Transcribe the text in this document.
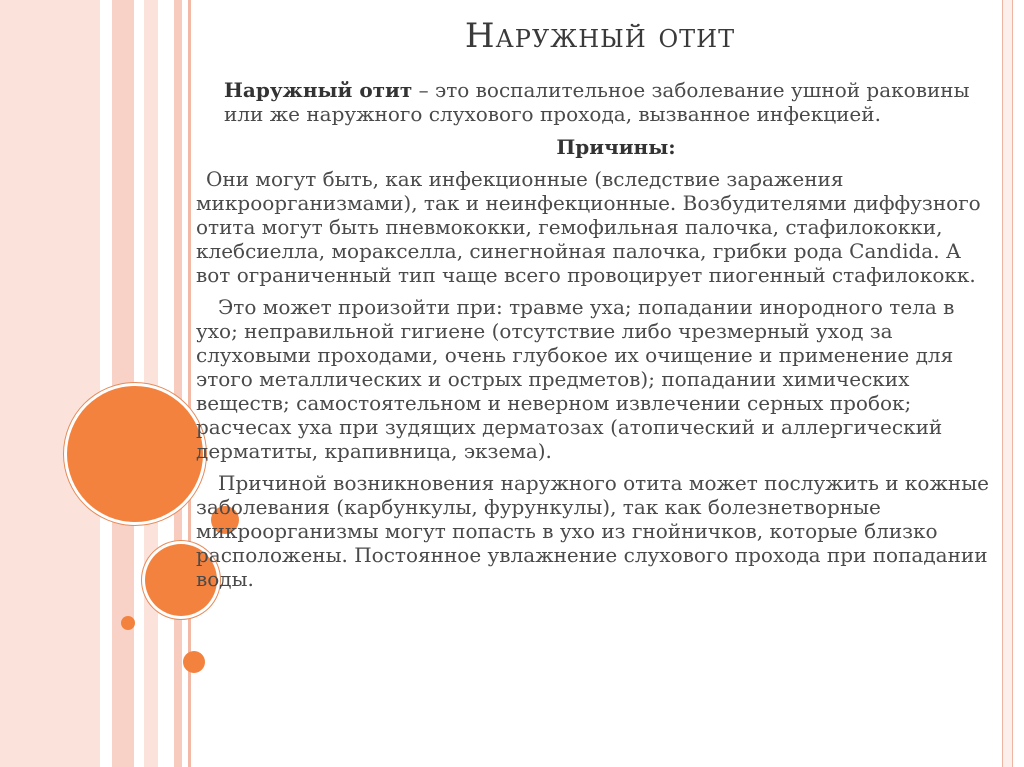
Наружный отит

Наружный отит – это воспалительное заболевание ушной раковины или же наружного слухового прохода, вызванное инфекцией.

Причины:

Они могут быть, как инфекционные (вследствие заражения микроорганизмами), так и неинфекционные. Возбудителями диффузного отита могут быть пневмококки, гемофильная палочка, стафилококки, клебсиелла, моракселла, синегнойная палочка, грибки рода Candida. А вот ограниченный тип чаще всего провоцирует пиогенный стафилококк.

Это может произойти при: травме уха; попадании инородного тела в ухо; неправильной гигиене (отсутствие либо чрезмерный уход за слуховыми проходами, очень глубокое их очищение и применение для этого металлических и острых предметов); попадании химических веществ; самостоятельном и неверном извлечении серных пробок; расчесах уха при зудящих дерматозах (атопический и аллергический дерматиты, крапивница, экзема).

Причиной возникновения наружного отита может послужить и кожные заболевания (карбункулы, фурункулы), так как болезнетворные микроорганизмы могут попасть в ухо из гнойничков, которые близко расположены. Постоянное увлажнение слухового прохода при попадании воды.
